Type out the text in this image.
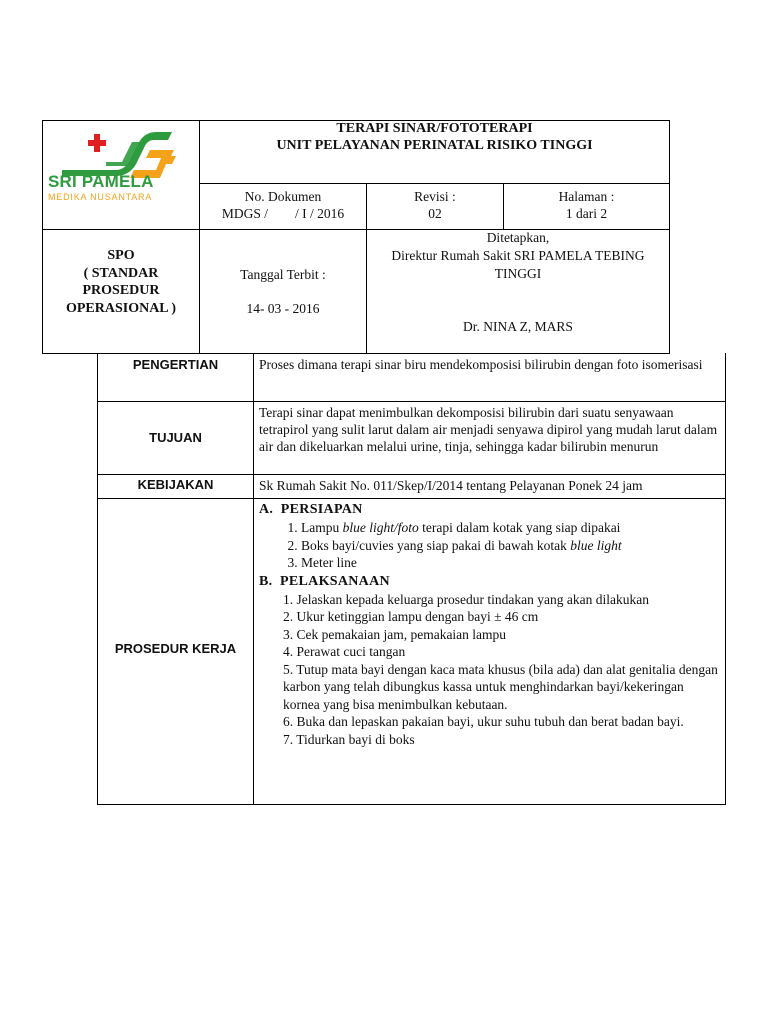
SRI PAMELA
MEDIKA NUSANTARA
TERAPI SINAR/FOTOTERAPI
UNIT PELAYANAN PERINATAL RISIKO TINGGI
No. Dokumen
MDGS /        / I / 2016
Revisi :
02
Halaman :
1 dari 2
SPO
( STANDAR
PROSEDUR
OPERASIONAL )
Tanggal Terbit :
14- 03 - 2016
Ditetapkan,
Direktur Rumah Sakit SRI PAMELA TEBING TINGGI
Dr. NINA Z, MARS
PENGERTIAN	Proses dimana terapi sinar biru mendekomposisi bilirubin dengan foto isomerisasi
TUJUAN
Terapi sinar dapat menimbulkan dekomposisi bilirubin dari suatu senyawaan tetrapirol yang sulit larut dalam air menjadi senyawa dipirol yang mudah larut dalam air dan dikeluarkan melalui urine, tinja, sehingga kadar bilirubin menurun
KEBIJAKAN	Sk Rumah Sakit No. 011/Skep/I/2014 tentang Pelayanan Ponek 24 jam
PROSEDUR KERJA
A.  PERSIAPAN
1. Lampu blue light/foto terapi dalam kotak yang siap dipakai
2. Boks bayi/cuvies yang siap pakai di bawah kotak blue light
3. Meter line
B.  PELAKSANAAN
1. Jelaskan kepada keluarga prosedur tindakan yang akan dilakukan
2. Ukur ketinggian lampu dengan bayi ± 46 cm
3. Cek pemakaian jam, pemakaian lampu
4. Perawat cuci tangan
5. Tutup mata bayi dengan kaca mata khusus (bila ada) dan alat genitalia dengan karbon yang telah dibungkus kassa untuk menghindarkan bayi/kekeringan kornea yang bisa menimbulkan kebutaan.
6. Buka dan lepaskan pakaian bayi, ukur suhu tubuh dan berat badan bayi.
7. Tidurkan bayi di boks
